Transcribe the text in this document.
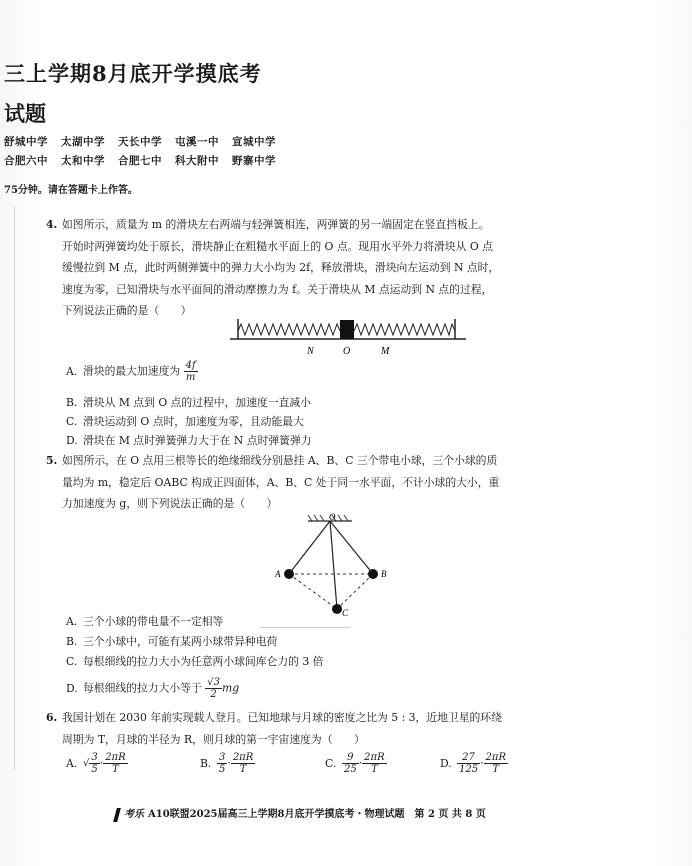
三上学期8月底开学摸底考
试题
舒城中学 太湖中学 天长中学 屯溪一中 宣城中学
合肥六中 太和中学 合肥七中 科大附中 野寨中学
75分钟。请在答题卡上作答。
4. 如图所示，质量为 m 的滑块左右两端与轻弹簧相连，两弹簧的另一端固定在竖直挡板上。
开始时两弹簧均处于原长，滑块静止在粗糙水平面上的 O 点。现用水平外力将滑块从 O 点
缓慢拉到 M 点，此时两侧弹簧中的弹力大小均为 2f，释放滑块，滑块向左运动到 N 点时，
速度为零，已知滑块与水平面间的滑动摩擦力为 f。关于滑块从 M 点运动到 N 点的过程，
下列说法正确的是（　　）
N	O	M
A. 滑块的最大加速度为 $\frac{4f}{m}$
B. 滑块从 M 点到 O 点的过程中，加速度一直减小
C. 滑块运动到 O 点时，加速度为零，且动能最大
D. 滑块在 M 点时弹簧弹力大于在 N 点时弹簧弹力
5. 如图所示，在 O 点用三根等长的绝缘细线分别悬挂 A、B、C 三个带电小球，三个小球的质
量均为 m，稳定后 OABC 构成正四面体，A、B、C 处于同一水平面，不计小球的大小，重
力加速度为 g，则下列说法正确的是（　　）
O
A	B
C
A. 三个小球的带电量不一定相等
B. 三个小球中，可能有某两小球带异种电荷
C. 每根细线的拉力大小为任意两小球间库仑力的 3 倍
D. 每根细线的拉力大小等于 $\frac{√3}{2}$ mg
6. 我国计划在 2030 年前实现载人登月。已知地球与月球的密度之比为 5 : 3，近地卫星的环绕
周期为 T，月球的半径为 R，则月球的第一宇宙速度为（　　）
A. √ $\frac{3}{5} \cdot \frac{2\pi R}{T}$	B. $\frac{3}{5} \cdot \frac{2\pi R}{T}$	C. $\frac{9}{25} \cdot \frac{2\pi R}{T}$	D. $\frac{27}{125} \cdot \frac{2\pi R}{T}$
考乐 A10联盟2025届高三上学期8月底开学摸底考・物理试题　第 2 页 共 8 页
